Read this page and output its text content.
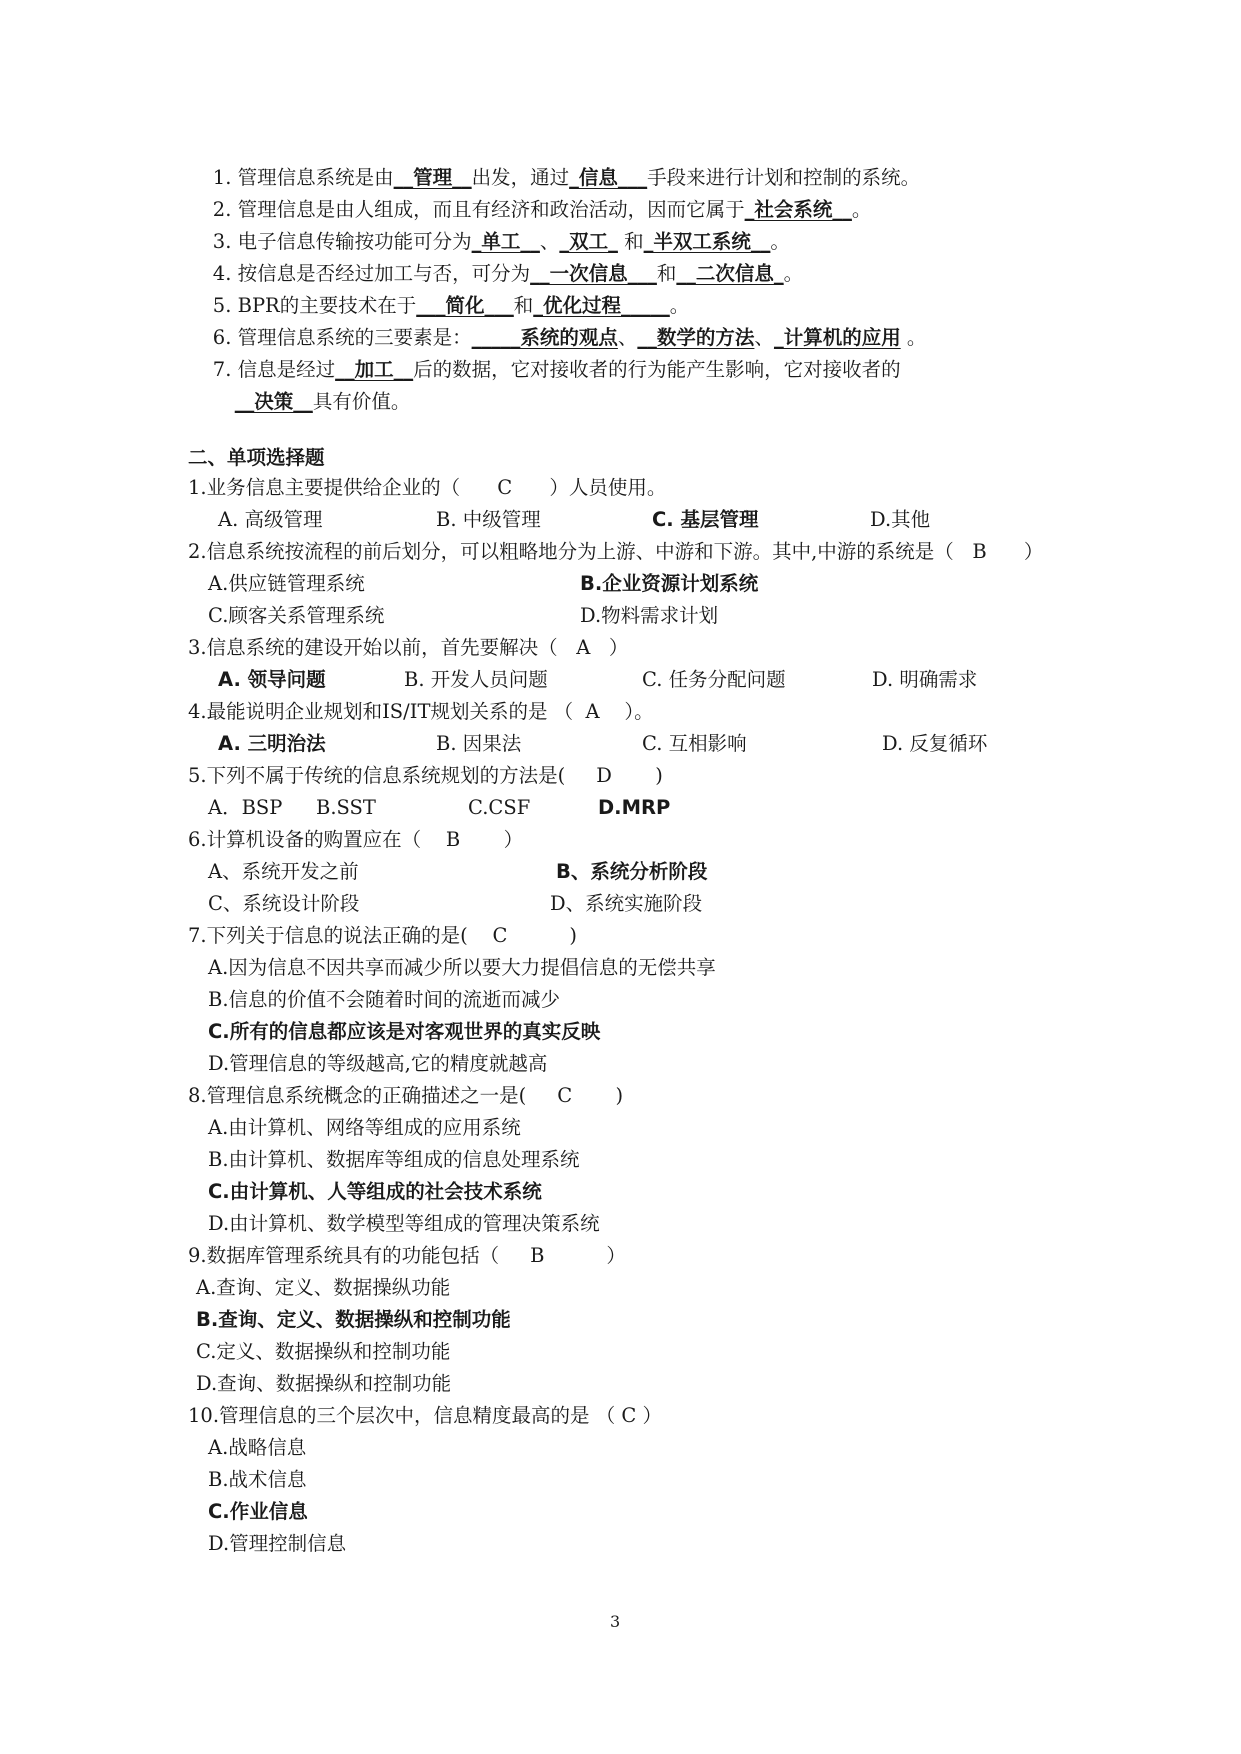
1. 管理信息系统是由__管理__出发，通过_信息___手段来进行计划和控制的系统。

2. 管理信息是由人组成，而且有经济和政治活动，因而它属于_社会系统__。

3. 电子信息传输按功能可分为_单工__、_双工_ 和_半双工系统__。

4. 按信息是否经过加工与否，可分为__一次信息___和__二次信息_。

5. BPR的主要技术在于___简化___和_优化过程_____。

6. 管理信息系统的三要素是：_____系统的观点、__数学的方法、_计算机的应用 。

7. 信息是经过__加工__后的数据，它对接收者的行为能产生影响，它对接收者的

__决策__具有价值。

二、单项选择题
1.业务信息主要提供给企业的（      C      ）人员使用。
A. 高级管理	B. 中级管理	C. 基层管理	D.其他
2.信息系统按流程的前后划分，可以粗略地分为上游、中游和下游。其中,中游的系统是（   B      ）
A.供应链管理系统	B.企业资源计划系统
C.顾客关系管理系统	D.物料需求计划
3.信息系统的建设开始以前，首先要解决（   A   ）
A. 领导问题	B. 开发人员问题	C. 任务分配问题	D. 明确需求
4.最能说明企业规划和IS/IT规划关系的是 （  A    ）。
A. 三明治法	B. 因果法	C. 互相影响	D. 反复循环
5.下列不属于传统的信息系统规划的方法是(     D       )
A．BSP B.SST	C.CSF	D.MRP
6.计算机设备的购置应在（    B       ）
A、系统开发之前	B、系统分析阶段
C、系统设计阶段	D、系统实施阶段
7.下列关于信息的说法正确的是(    C          )
A.因为信息不因共享而减少所以要大力提倡信息的无偿共享
B.信息的价值不会随着时间的流逝而减少
C.所有的信息都应该是对客观世界的真实反映
D.管理信息的等级越高,它的精度就越高
8.管理信息系统概念的正确描述之一是(     C       )
A.由计算机、网络等组成的应用系统
B.由计算机、数据库等组成的信息处理系统
C.由计算机、人等组成的社会技术系统
D.由计算机、数学模型等组成的管理决策系统
9.数据库管理系统具有的功能包括（     B          ）
A.查询、定义、数据操纵功能
B.查询、定义、数据操纵和控制功能
C.定义、数据操纵和控制功能
D.查询、数据操纵和控制功能
10.管理信息的三个层次中，信息精度最高的是 （ C ）
A.战略信息
B.战术信息
C.作业信息
D.管理控制信息
3
